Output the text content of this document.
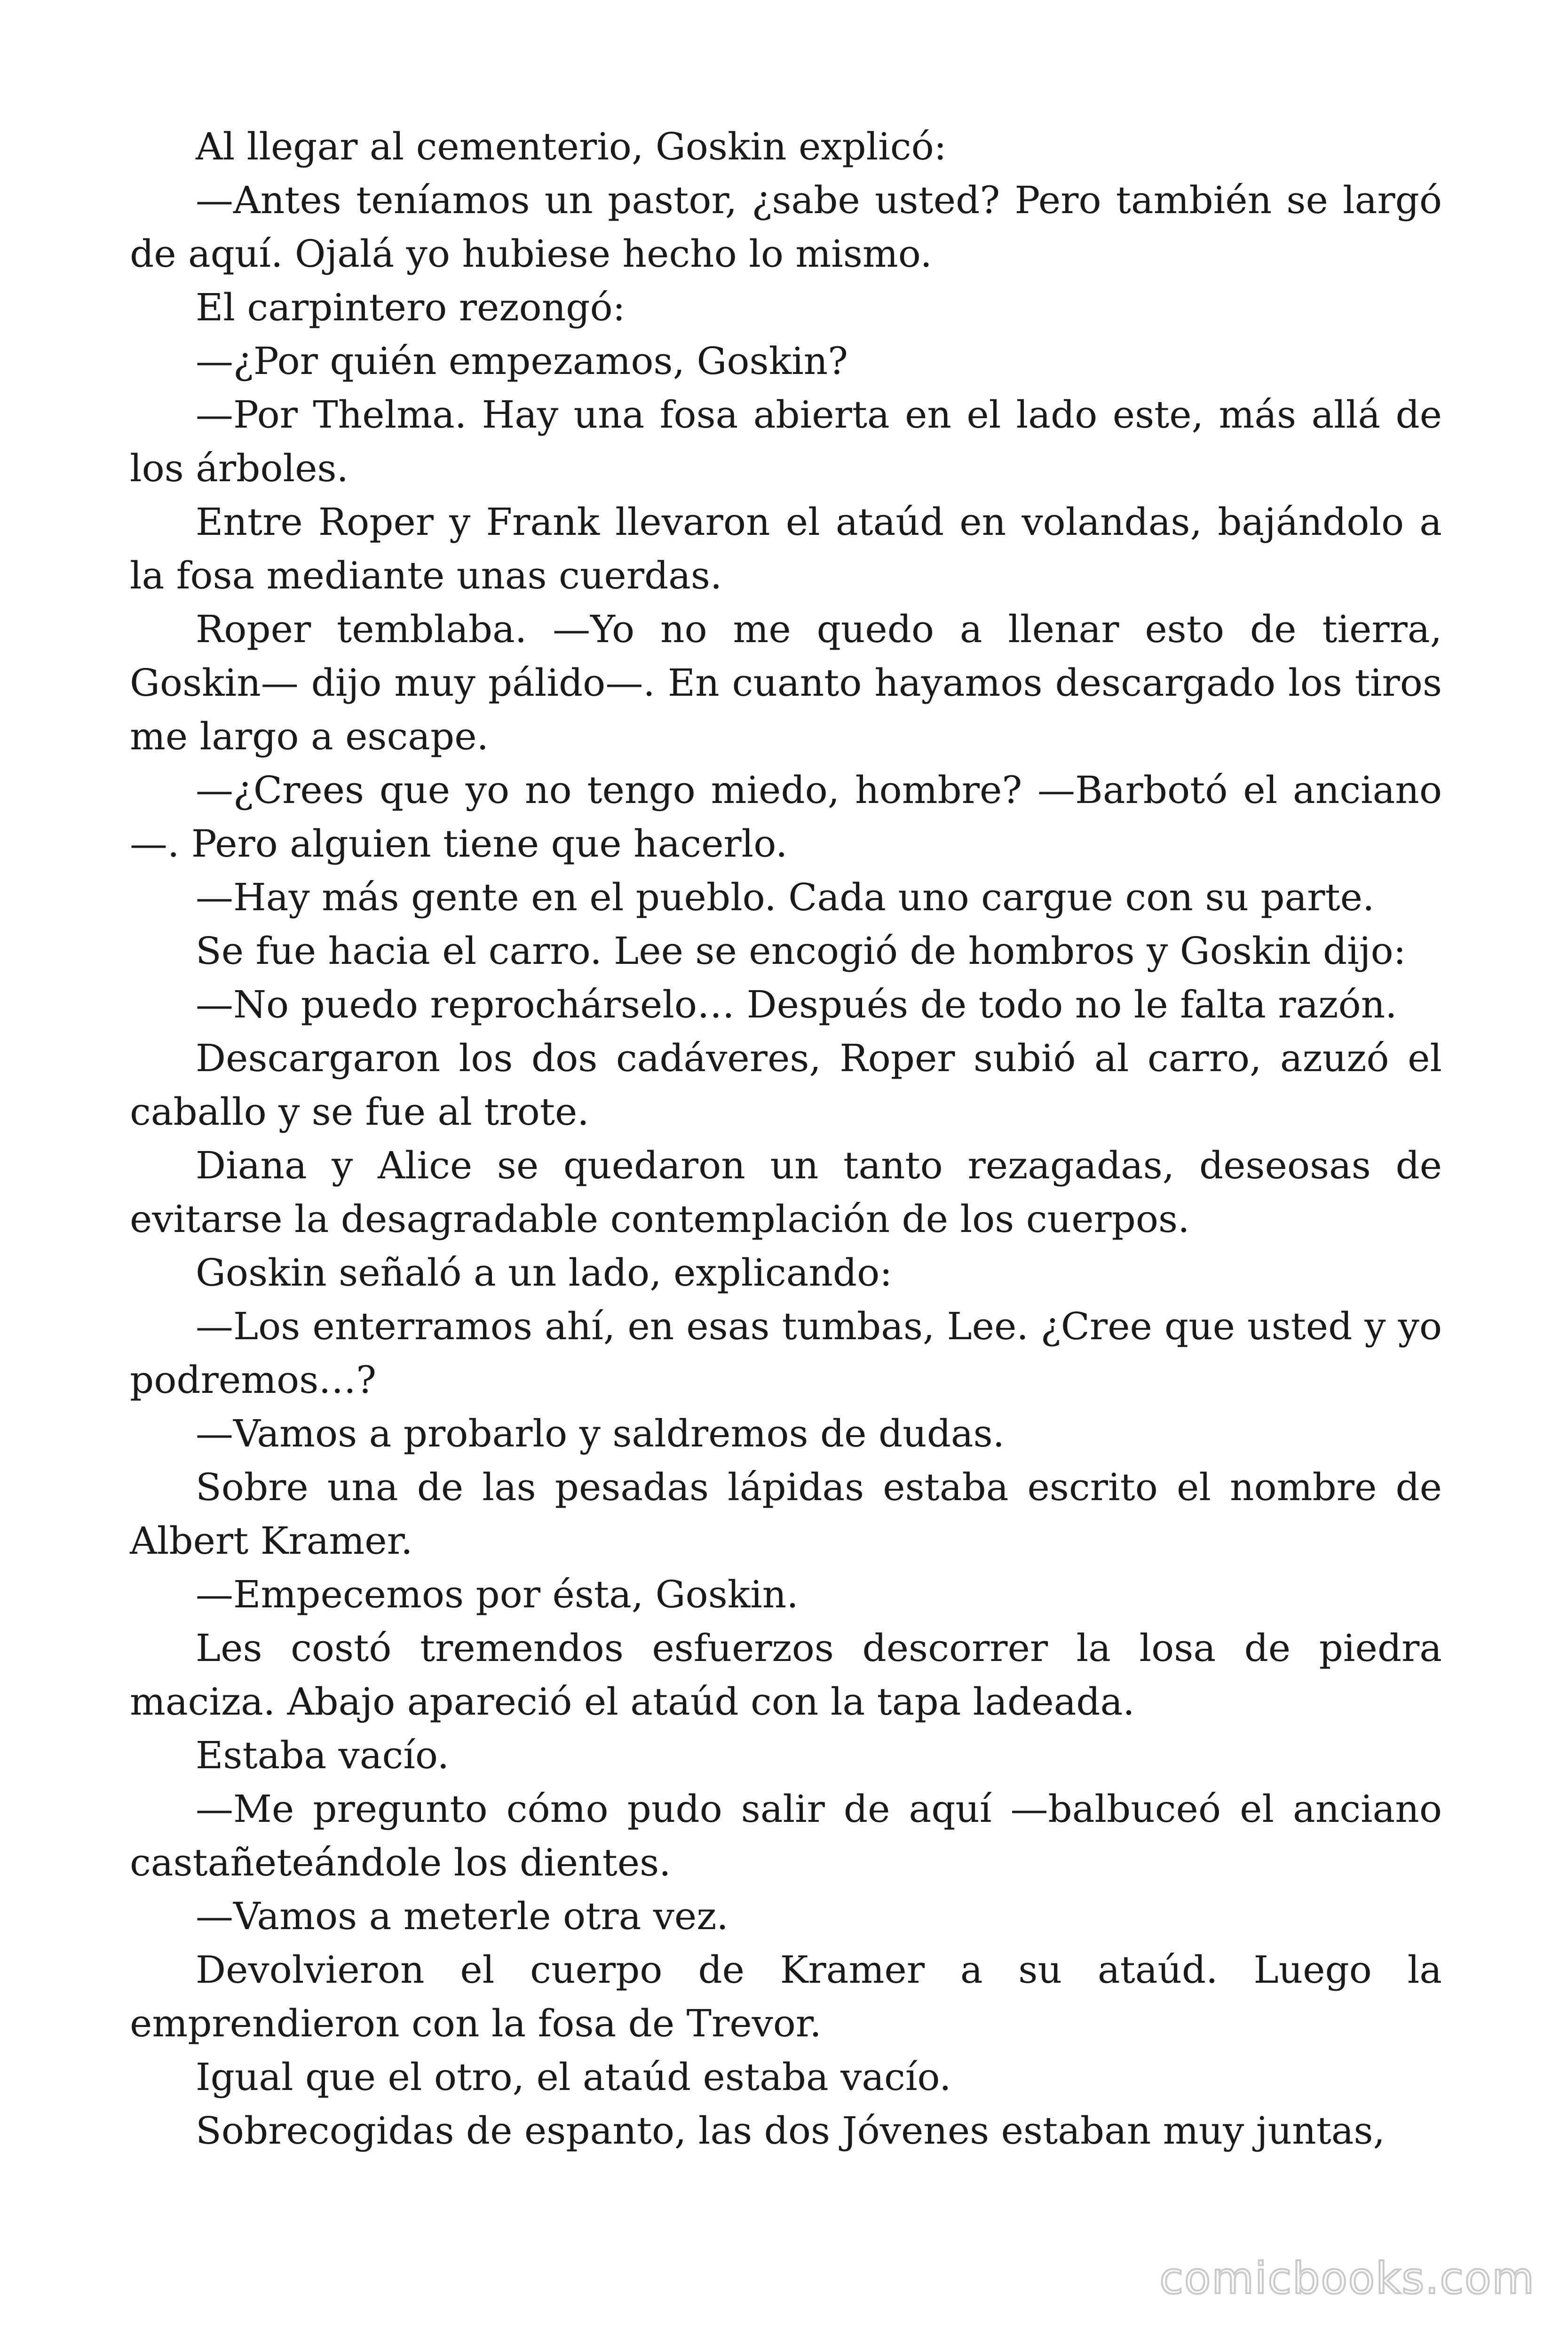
Al llegar al cementerio, Goskin explicó:

—Antes teníamos un pastor, ¿sabe usted? Pero también se largó de aquí. Ojalá yo hubiese hecho lo mismo.

El carpintero rezongó:

—¿Por quién empezamos, Goskin?

—Por Thelma. Hay una fosa abierta en el lado este, más allá de los árboles.

Entre Roper y Frank llevaron el ataúd en volandas, bajándolo a la fosa mediante unas cuerdas.

Roper temblaba. —Yo no me quedo a llenar esto de tierra, Goskin— dijo muy pálido—. En cuanto hayamos descargado los tiros me largo a escape.

—¿Crees que yo no tengo miedo, hombre? —Barbotó el anciano —. Pero alguien tiene que hacerlo.

—Hay más gente en el pueblo. Cada uno cargue con su parte.

Se fue hacia el carro. Lee se encogió de hombros y Goskin dijo:

—No puedo reprochárselo… Después de todo no le falta razón.

Descargaron los dos cadáveres, Roper subió al carro, azuzó el caballo y se fue al trote.

Diana y Alice se quedaron un tanto rezagadas, deseosas de evitarse la desagradable contemplación de los cuerpos.

Goskin señaló a un lado, explicando:

—Los enterramos ahí, en esas tumbas, Lee. ¿Cree que usted y yo podremos…?

—Vamos a probarlo y saldremos de dudas.

Sobre una de las pesadas lápidas estaba escrito el nombre de Albert Kramer.

—Empecemos por ésta, Goskin.

Les costó tremendos esfuerzos descorrer la losa de piedra maciza. Abajo apareció el ataúd con la tapa ladeada.

Estaba vacío.

—Me pregunto cómo pudo salir de aquí —balbuceó el anciano castañeteándole los dientes.

—Vamos a meterle otra vez.

Devolvieron el cuerpo de Kramer a su ataúd. Luego la emprendieron con la fosa de Trevor.

Igual que el otro, el ataúd estaba vacío.

Sobrecogidas de espanto, las dos Jóvenes estaban muy juntas,

comicbooks.com
